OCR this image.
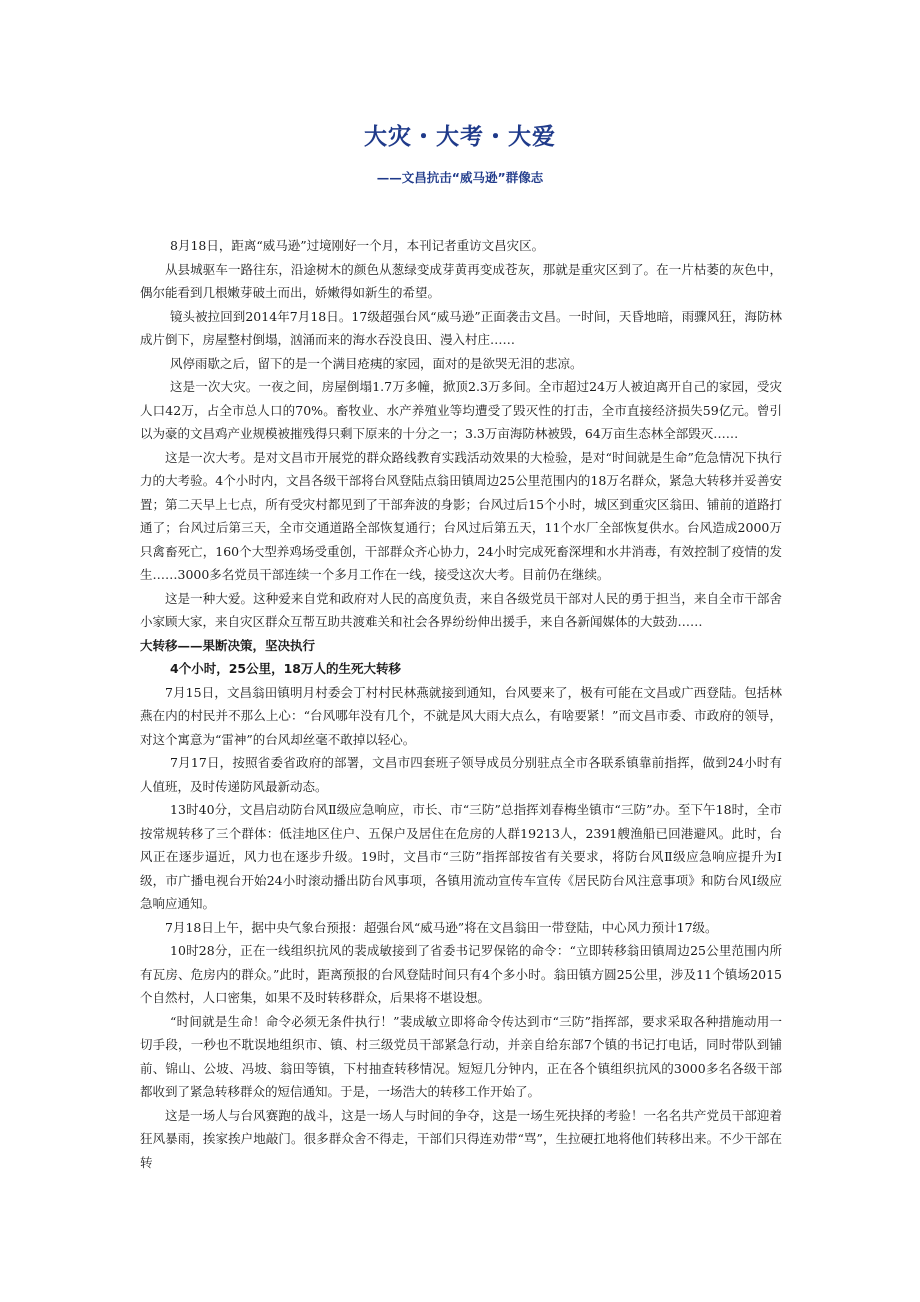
大灾・大考・大爱
——文昌抗击“威马逊”群像志

8月18日，距离“威马逊”过境刚好一个月，本刊记者重访文昌灾区。

从县城驱车一路往东，沿途树木的颜色从葱绿变成芽黄再变成苍灰，那就是重灾区到了。在一片枯萎的灰色中，偶尔能看到几根嫩芽破土而出，娇嫩得如新生的希望。

镜头被拉回到2014年7月18日。17级超强台风“威马逊”正面袭击文昌。一时间，天昏地暗，雨骤风狂，海防林成片倒下，房屋整村倒塌，汹涌而来的海水吞没良田、漫入村庄……

风停雨歇之后，留下的是一个满目疮痍的家园，面对的是欲哭无泪的悲凉。

这是一次大灾。一夜之间，房屋倒塌1.7万多幢，掀顶2.3万多间。全市超过24万人被迫离开自己的家园，受灾人口42万，占全市总人口的70%。畜牧业、水产养殖业等均遭受了毁灭性的打击，全市直接经济损失59亿元。曾引以为豪的文昌鸡产业规模被摧残得只剩下原来的十分之一；3.3万亩海防林被毁，64万亩生态林全部毁灭……

这是一次大考。是对文昌市开展党的群众路线教育实践活动效果的大检验，是对“时间就是生命”危急情况下执行力的大考验。4个小时内，文昌各级干部将台风登陆点翁田镇周边25公里范围内的18万名群众，紧急大转移并妥善安置；第二天早上七点，所有受灾村都见到了干部奔波的身影；台风过后15个小时，城区到重灾区翁田、铺前的道路打通了；台风过后第三天，全市交通道路全部恢复通行；台风过后第五天，11个水厂全部恢复供水。台风造成2000万只禽畜死亡，160个大型养鸡场受重创，干部群众齐心协力，24小时完成死畜深埋和水井消毒，有效控制了疫情的发生……3000多名党员干部连续一个多月工作在一线，接受这次大考。目前仍在继续。

这是一种大爱。这种爱来自党和政府对人民的高度负责，来自各级党员干部对人民的勇于担当，来自全市干部舍小家顾大家，来自灾区群众互帮互助共渡难关和社会各界纷纷伸出援手，来自各新闻媒体的大鼓劲……

大转移——果断决策，坚决执行

4个小时，25公里，18万人的生死大转移

7月15日，文昌翁田镇明月村委会丁村村民林燕就接到通知，台风要来了，极有可能在文昌或广西登陆。包括林燕在内的村民并不那么上心：“台风哪年没有几个，不就是风大雨大点么，有啥要紧！”而文昌市委、市政府的领导，对这个寓意为“雷神”的台风却丝毫不敢掉以轻心。

7月17日，按照省委省政府的部署，文昌市四套班子领导成员分别驻点全市各联系镇靠前指挥，做到24小时有人值班，及时传递防风最新动态。

13时40分，文昌启动防台风Ⅱ级应急响应，市长、市“三防”总指挥刘春梅坐镇市“三防”办。至下午18时，全市按常规转移了三个群体：低洼地区住户、五保户及居住在危房的人群19213人，2391艘渔船已回港避风。此时，台风正在逐步逼近，风力也在逐步升级。19时，文昌市“三防”指挥部按省有关要求，将防台风Ⅱ级应急响应提升为Ⅰ级，市广播电视台开始24小时滚动播出防台风事项，各镇用流动宣传车宣传《居民防台风注意事项》和防台风Ⅰ级应急响应通知。

7月18日上午，据中央气象台预报：超强台风“威马逊”将在文昌翁田一带登陆，中心风力预计17级。

10时28分，正在一线组织抗风的裴成敏接到了省委书记罗保铭的命令：“立即转移翁田镇周边25公里范围内所有瓦房、危房内的群众。”此时，距离预报的台风登陆时间只有4个多小时。翁田镇方圆25公里，涉及11个镇场2015个自然村，人口密集，如果不及时转移群众，后果将不堪设想。

“时间就是生命！命令必须无条件执行！”裴成敏立即将命令传达到市“三防”指挥部，要求采取各种措施动用一切手段，一秒也不耽误地组织市、镇、村三级党员干部紧急行动，并亲自给东部7个镇的书记打电话，同时带队到铺前、锦山、公坡、冯坡、翁田等镇，下村抽查转移情况。短短几分钟内，正在各个镇组织抗风的3000多名各级干部都收到了紧急转移群众的短信通知。于是，一场浩大的转移工作开始了。

这是一场人与台风赛跑的战斗，这是一场人与时间的争夺，这是一场生死抉择的考验！一名名共产党员干部迎着狂风暴雨，挨家挨户地敲门。很多群众舍不得走，干部们只得连劝带“骂”，生拉硬扛地将他们转移出来。不少干部在转
